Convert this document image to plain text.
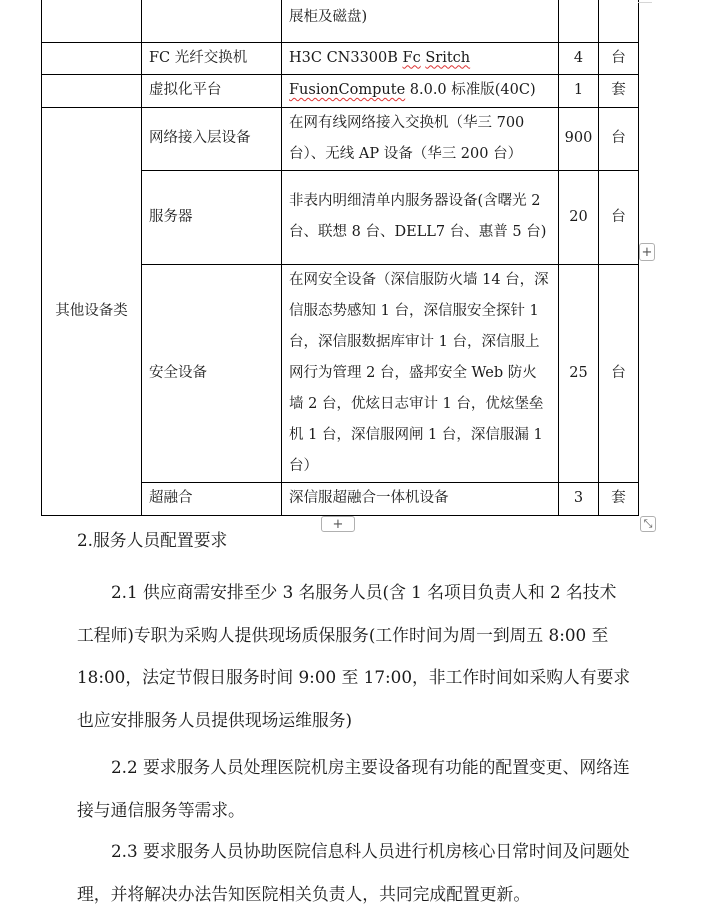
		展柜及磁盘)		
	FC 光纤交换机	H3C CN3300B Fc Sritch	4	台
	虚拟化平台	FusionCompute 8.0.0 标准版(40C)	1	套
其他设备类	网络接入层设备	在网有线网络接入交换机（华三 700 台）、无线 AP 设备（华三 200 台）	900	台
	服务器	非表内明细清单内服务器设备(含曙光 2 台、联想 8 台、DELL7 台、惠普 5 台)	20	台
	安全设备	在网安全设备（深信服防火墙 14 台，深信服态势感知 1 台，深信服安全探针 1 台，深信服数据库审计 1 台，深信服上网行为管理 2 台，盛邦安全 Web 防火墙 2 台，优炫日志审计 1 台，优炫堡垒机 1 台，深信服网闸 1 台，深信服漏 1 台）	25	台
	超融合	深信服超融合一体机设备	3	套
+
+	⤡
2.服务人员配置要求
2.1 供应商需安排至少 3 名服务人员(含 1 名项目负责人和 2 名技术工程师)专职为采购人提供现场质保服务(工作时间为周一到周五 8:00 至 18:00，法定节假日服务时间 9:00 至 17:00，非工作时间如采购人有要求也应安排服务人员提供现场运维服务)
2.2 要求服务人员处理医院机房主要设备现有功能的配置变更、网络连接与通信服务等需求。
2.3 要求服务人员协助医院信息科人员进行机房核心日常时间及问题处理，并将解决办法告知医院相关负责人，共同完成配置更新。
